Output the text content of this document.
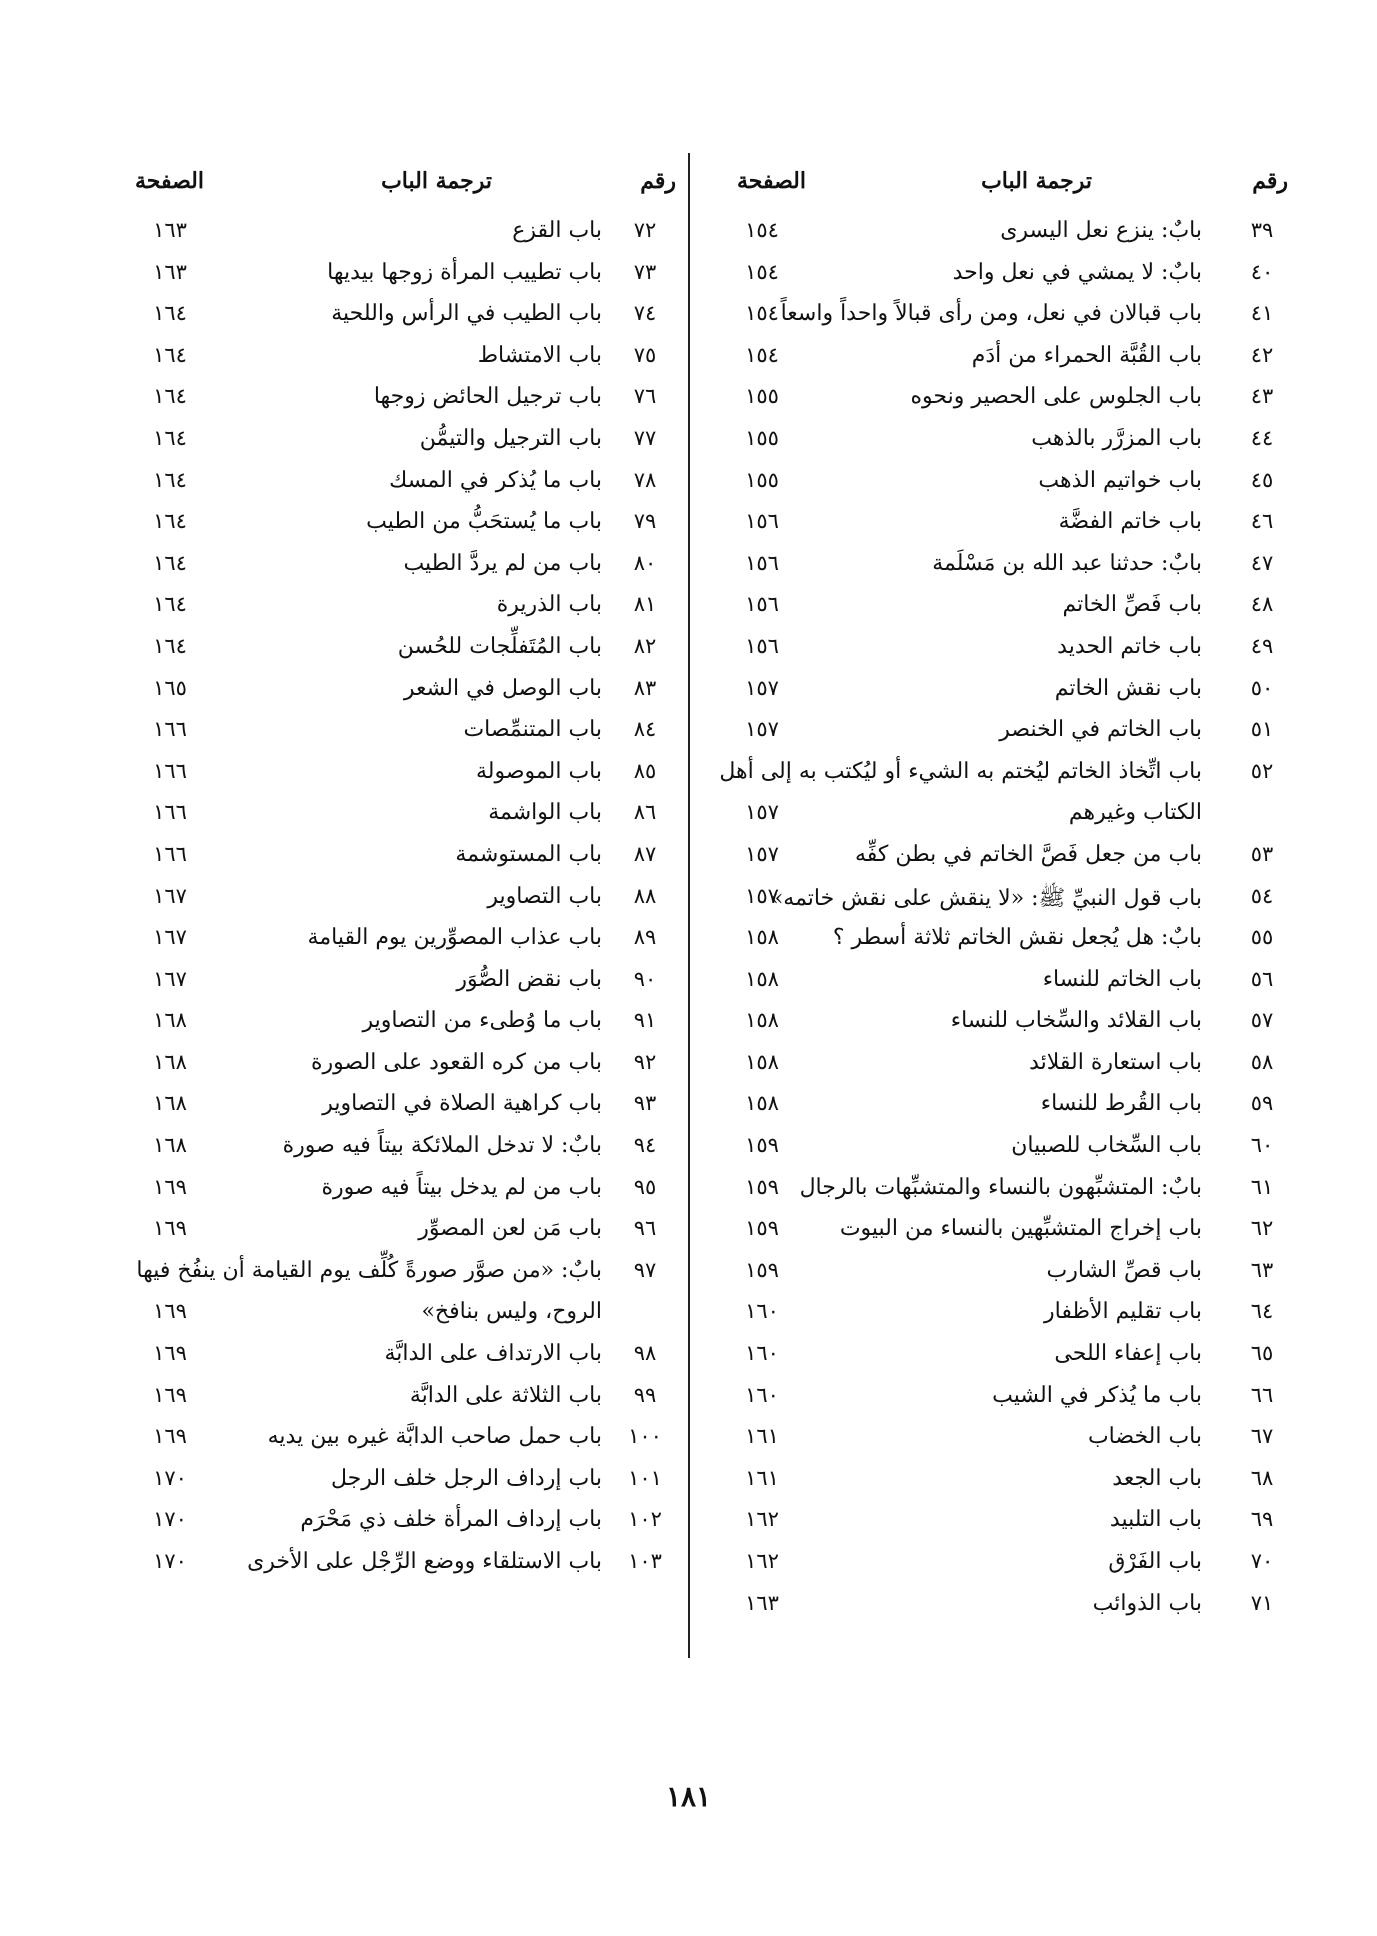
رقم
ترجمة الباب
الصفحة
٣٩
بابٌ: ينزع نعل اليسرى
١٥٤
٤٠
بابٌ: لا يمشي في نعل واحد
١٥٤
٤١
باب قبالان في نعل، ومن رأى قبالاً واحداً واسعاً
١٥٤
٤٢
باب القُبَّة الحمراء من أدَم
١٥٤
٤٣
باب الجلوس على الحصير ونحوه
١٥٥
٤٤
باب المزرَّر بالذهب
١٥٥
٤٥
باب خواتيم الذهب
١٥٥
٤٦
باب خاتم الفضَّة
١٥٦
٤٧
بابٌ: حدثنا عبد الله بن مَسْلَمة
١٥٦
٤٨
باب فَصِّ الخاتم
١٥٦
٤٩
باب خاتم الحديد
١٥٦
٥٠
باب نقش الخاتم
١٥٧
٥١
باب الخاتم في الخنصر
١٥٧
٥٢
باب اتِّخاذ الخاتم ليُختم به الشيء أو ليُكتب به إلى أهل
الكتاب وغيرهم
١٥٧
٥٣
باب من جعل فَصَّ الخاتم في بطن كفِّه
١٥٧
٥٤
باب قول النبيِّ ﷺ: «لا ينقش على نقش خاتمه»
١٥٧
٥٥
بابٌ: هل يُجعل نقش الخاتم ثلاثة أسطر ؟
١٥٨
٥٦
باب الخاتم للنساء
١٥٨
٥٧
باب القلائد والسِّخاب للنساء
١٥٨
٥٨
باب استعارة القلائد
١٥٨
٥٩
باب القُرط للنساء
١٥٨
٦٠
باب السِّخاب للصبيان
١٥٩
٦١
بابٌ: المتشبِّهون بالنساء والمتشبِّهات بالرجال
١٥٩
٦٢
باب إخراج المتشبِّهين بالنساء من البيوت
١٥٩
٦٣
باب قصِّ الشارب
١٥٩
٦٤
باب تقليم الأظفار
١٦٠
٦٥
باب إعفاء اللحى
١٦٠
٦٦
باب ما يُذكر في الشيب
١٦٠
٦٧
باب الخضاب
١٦١
٦٨
باب الجعد
١٦١
٦٩
باب التلبيد
١٦٢
٧٠
باب الفَرْق
١٦٢
٧١
باب الذوائب
١٦٣
رقم
ترجمة الباب
الصفحة
٧٢
باب القزع
١٦٣
٧٣
باب تطييب المرأة زوجها بيديها
١٦٣
٧٤
باب الطيب في الرأس واللحية
١٦٤
٧٥
باب الامتشاط
١٦٤
٧٦
باب ترجيل الحائض زوجها
١٦٤
٧٧
باب الترجيل والتيمُّن
١٦٤
٧٨
باب ما يُذكر في المسك
١٦٤
٧٩
باب ما يُستحَبُّ من الطيب
١٦٤
٨٠
باب من لم يردَّ الطيب
١٦٤
٨١
باب الذريرة
١٦٤
٨٢
باب المُتَفلِّجات للحُسن
١٦٤
٨٣
باب الوصل في الشعر
١٦٥
٨٤
باب المتنمِّصات
١٦٦
٨٥
باب الموصولة
١٦٦
٨٦
باب الواشمة
١٦٦
٨٧
باب المستوشمة
١٦٦
٨٨
باب التصاوير
١٦٧
٨٩
باب عذاب المصوِّرين يوم القيامة
١٦٧
٩٠
باب نقض الصُّوَر
١٦٧
٩١
باب ما وُطىء من التصاوير
١٦٨
٩٢
باب من كره القعود على الصورة
١٦٨
٩٣
باب كراهية الصلاة في التصاوير
١٦٨
٩٤
بابٌ: لا تدخل الملائكة بيتاً فيه صورة
١٦٨
٩٥
باب من لم يدخل بيتاً فيه صورة
١٦٩
٩٦
باب مَن لعن المصوِّر
١٦٩
٩٧
بابٌ: «من صوَّر صورةً كُلِّف يوم القيامة أن ينفُخ فيها
الروح، وليس بنافخ»
١٦٩
٩٨
باب الارتداف على الدابَّة
١٦٩
٩٩
باب الثلاثة على الدابَّة
١٦٩
١٠٠
باب حمل صاحب الدابَّة غيره بين يديه
١٦٩
١٠١
باب إرداف الرجل خلف الرجل
١٧٠
١٠٢
باب إرداف المرأة خلف ذي مَحْرَم
١٧٠
١٠٣
باب الاستلقاء ووضع الرِّجْل على الأخرى
١٧٠
١٨١
